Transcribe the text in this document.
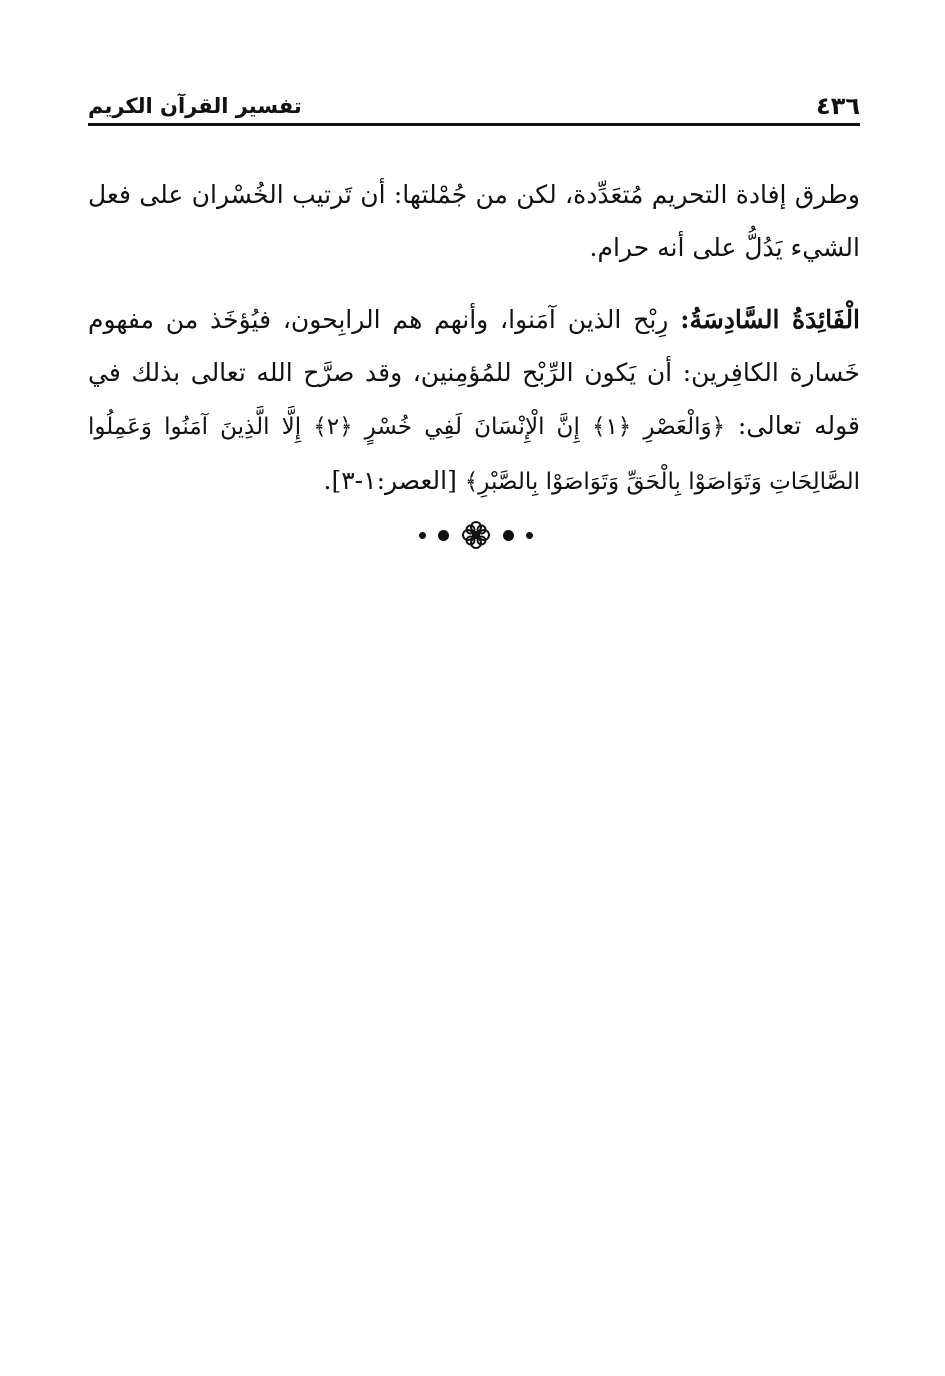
٤٣٦
تفسير القرآن الكريم

وطرق إفادة التحريم مُتعَدِّدة، لكن من جُمْلتها: أن تَرتيب الخُسْران على فعل الشيء يَدُلُّ على أنه حرام.

الْفَائِدَةُ السَّادِسَةُ: رِبْح الذين آمَنوا، وأنهم هم الرابِحون، فيُؤخَذ من مفهوم خَسارة الكافِرين: أن يَكون الرِّبْح للمُؤمِنين، وقد صرَّح الله تعالى بذلك في قوله تعالى: ﴿وَالْعَصْرِ ﴿١﴾ إِنَّ الْإِنْسَانَ لَفِي خُسْرٍ ﴿٢﴾ إِلَّا الَّذِينَ آمَنُوا وَعَمِلُوا الصَّالِحَاتِ وَتَوَاصَوْا بِالْحَقِّ وَتَوَاصَوْا بِالصَّبْرِ﴾ [العصر:١-٣].
